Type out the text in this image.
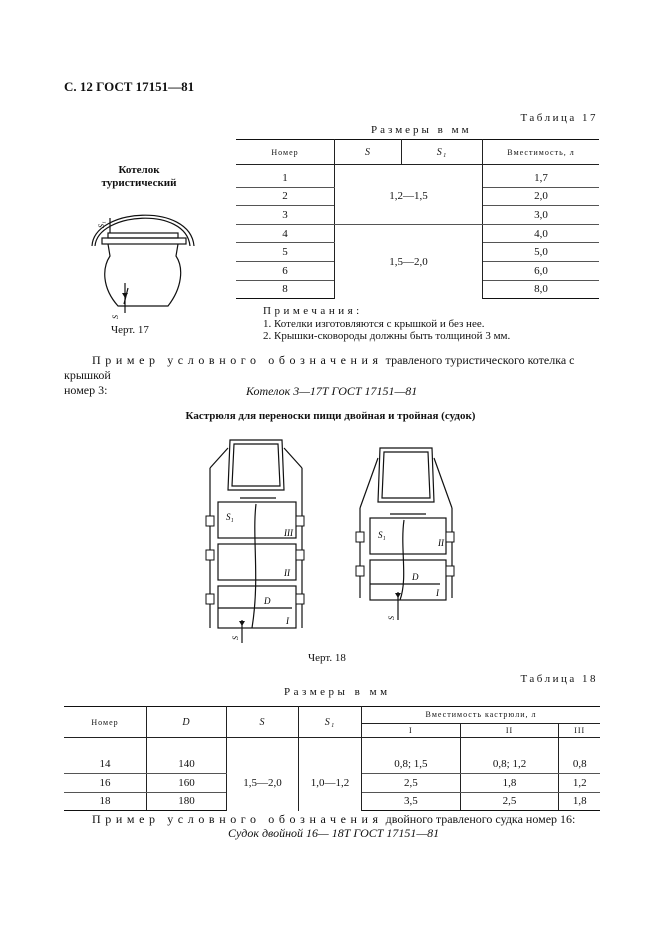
С. 12 ГОСТ 17151—81
Таблица 17
Размеры в мм
Номер	S	S₁	Вместимость, л

1	1,2—1,5		1,7
2			2,0
3			3,0
4	1,5—2,0		4,0
5			5,0
6			6,0
8			8,0
Котелок
туристический
S₁
S
Черт. 17
Примечания:
1. Котелки изготовляются с крышкой и без нее.
2. Крышки-сковороды должны быть толщиной 3 мм.
Пример условного обозначения травленого туристического котелка с крышкой
номер 3:	Котелок 3—17Т ГОСТ 17151—81
Кастрюля для переноски пищи двойная и тройная (судок)
S₁
III
II
D
I
S
S₁
II
D
I
S
Черт. 18
Таблица 18
Размеры в мм
Номер	D	S	S₁	Вместимость кастрюли, л		
				I	II	III

14	140	1,5—2,0	1,0—1,2	0,8; 1,5	0,8; 1,2	0,8
16	160			2,5	1,8	1,2
18	180			3,5	2,5	1,8
Пример условного обозначения двойного травленого судка номер 16:
Судок двойной 16— 18Т ГОСТ 17151—81
